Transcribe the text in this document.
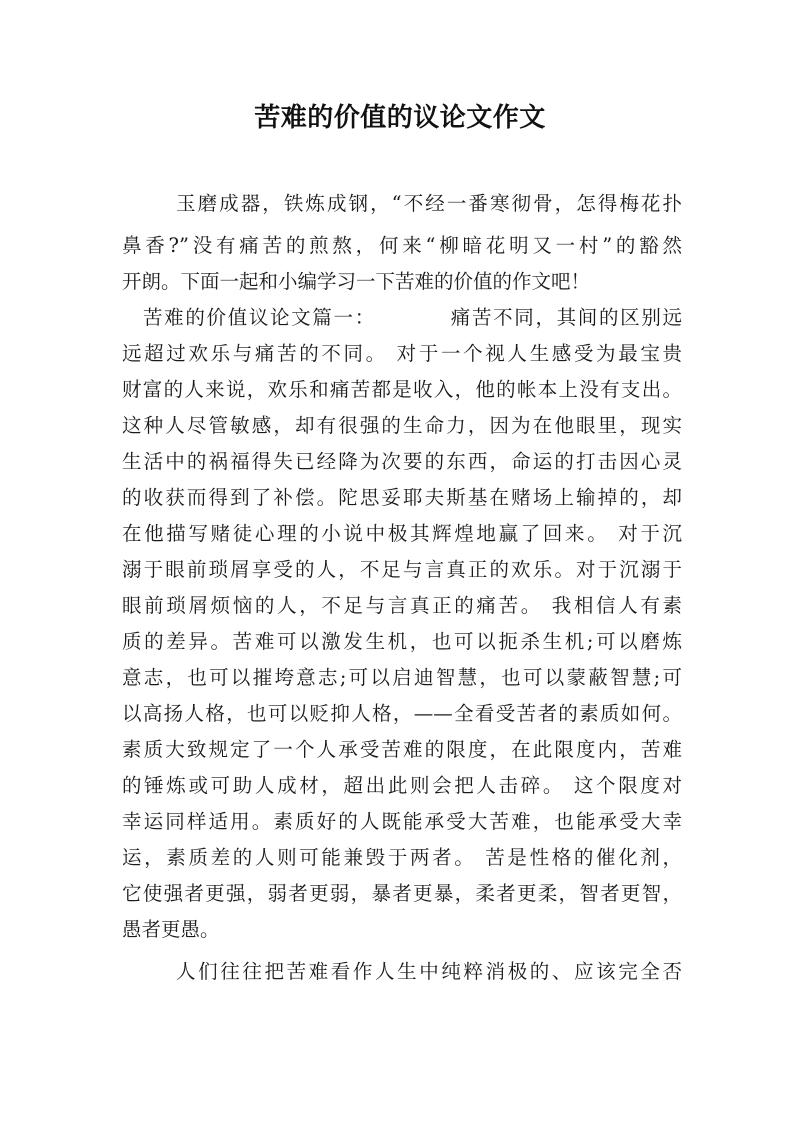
苦难的价值的议论文作文
玉磨成器，铁炼成钢，“不经一番寒彻骨，怎得梅花扑
鼻香?”没有痛苦的煎熬，何来“柳暗花明又一村”的豁然
开朗。下面一起和小编学习一下苦难的价值的作文吧！
苦难的价值议论文篇一：　　　　痛苦不同，其间的区别远
远超过欢乐与痛苦的不同。 对于一个视人生感受为最宝贵
财富的人来说，欢乐和痛苦都是收入，他的帐本上没有支出。
这种人尽管敏感，却有很强的生命力，因为在他眼里，现实
生活中的祸福得失已经降为次要的东西，命运的打击因心灵
的收获而得到了补偿。陀思妥耶夫斯基在赌场上输掉的，却
在他描写赌徒心理的小说中极其辉煌地赢了回来。 对于沉
溺于眼前琐屑享受的人，不足与言真正的欢乐。对于沉溺于
眼前琐屑烦恼的人，不足与言真正的痛苦。 我相信人有素
质的差异。苦难可以激发生机，也可以扼杀生机;可以磨炼
意志，也可以摧垮意志;可以启迪智慧，也可以蒙蔽智慧;可
以高扬人格，也可以贬抑人格，——全看受苦者的素质如何。
素质大致规定了一个人承受苦难的限度，在此限度内，苦难
的锤炼或可助人成材，超出此则会把人击碎。 这个限度对
幸运同样适用。素质好的人既能承受大苦难，也能承受大幸
运，素质差的人则可能兼毁于两者。 苦是性格的催化剂，
它使强者更强，弱者更弱，暴者更暴，柔者更柔，智者更智，
愚者更愚。
人们往往把苦难看作人生中纯粹消极的、应该完全否
